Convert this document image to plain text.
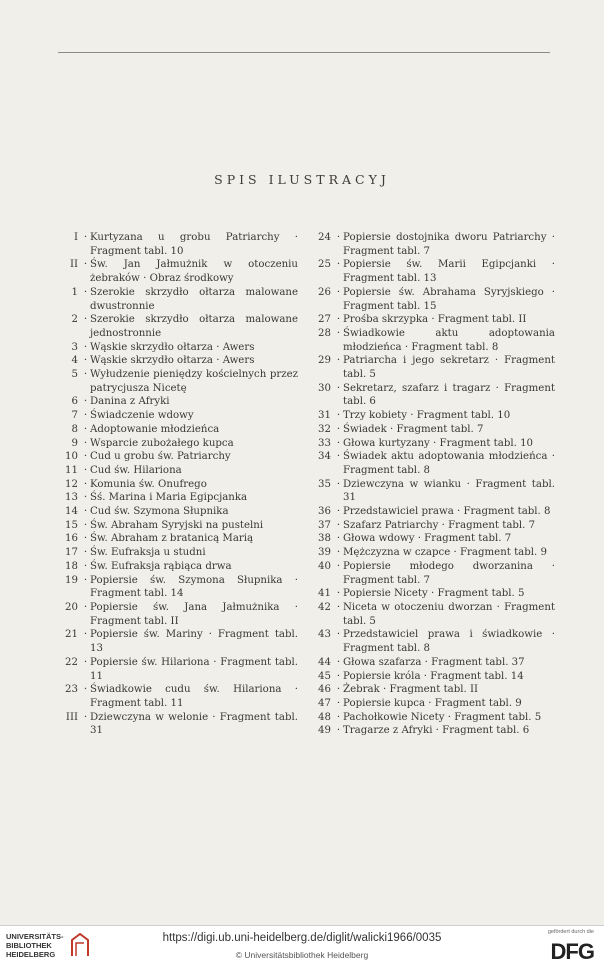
SPIS ILUSTRACYJ
I · Kurtyzana u grobu Patriarchy · Fragment tabl. 10
II · Św. Jan Jałmużnik w otoczeniu żebraków · Obraz środkowy
1 · Szerokie skrzydło ołtarza malowane dwustronnie
2 · Szerokie skrzydło ołtarza malowane jednostronnie
3 · Wąskie skrzydło ołtarza · Awers
4 · Wąskie skrzydło ołtarza · Awers
5 · Wyłudzenie pieniędzy kościelnych przez patrycjusza Nicetę
6 · Danina z Afryki
7 · Świadczenie wdowy
8 · Adoptowanie młodzieńca
9 · Wsparcie zubożałego kupca
10 · Cud u grobu św. Patriarchy
11 · Cud św. Hilariona
12 · Komunia św. Onufrego
13 · Śś. Marina i Maria Egipcjanka
14 · Cud św. Szymona Słupnika
15 · Św. Abraham Syryjski na pustelni
16 · Św. Abraham z bratanicą Marią
17 · Św. Eufraksja u studni
18 · Św. Eufraksja rąbiąca drwa
19 · Popiersie św. Szymona Słupnika · Fragment tabl. 14
20 · Popiersie św. Jana Jałmużnika · Fragment tabl. II
21 · Popiersie św. Mariny · Fragment tabl. 13
22 · Popiersie św. Hilariona · Fragment tabl. 11
23 · Świadkowie cudu św. Hilariona · Fragment tabl. 11
III · Dziewczyna w welonie · Fragment tabl. 31
24 · Popiersie dostojnika dworu Patriarchy · Fragment tabl. 7
25 · Popiersie św. Marii Egipcjanki · Fragment tabl. 13
26 · Popiersie św. Abrahama Syryjskiego · Fragment tabl. 15
27 · Prośba skrzypka · Fragment tabl. II
28 · Świadkowie aktu adoptowania młodzieńca · Fragment tabl. 8
29 · Patriarcha i jego sekretarz · Fragment tabl. 5
30 · Sekretarz, szafarz i tragarz · Fragment tabl. 6
31 · Trzy kobiety · Fragment tabl. 10
32 · Świadek · Fragment tabl. 7
33 · Głowa kurtyzany · Fragment tabl. 10
34 · Świadek aktu adoptowania młodzieńca · Fragment tabl. 8
35 · Dziewczyna w wianku · Fragment tabl. 31
36 · Przedstawiciel prawa · Fragment tabl. 8
37 · Szafarz Patriarchy · Fragment tabl. 7
38 · Głowa wdowy · Fragment tabl. 7
39 · Mężczyzna w czapce · Fragment tabl. 9
40 · Popiersie młodego dworzanina · Fragment tabl. 7
41 · Popiersie Nicety · Fragment tabl. 5
42 · Niceta w otoczeniu dworzan · Fragment tabl. 5
43 · Przedstawiciel prawa i świadkowie · Fragment tabl. 8
44 · Głowa szafarza · Fragment tabl. 37
45 · Popiersie króla · Fragment tabl. 14
46 · Żebrak · Fragment tabl. II
47 · Popiersie kupca · Fragment tabl. 9
48 · Pachołkowie Nicety · Fragment tabl. 5
49 · Tragarze z Afryki · Fragment tabl. 6
UNIVERSITÄTS-
BIBLIOTHEK
HEIDELBERG
https://digi.ub.uni-heidelberg.de/diglit/walicki1966/0035
© Universitätsbibliothek Heidelberg
gefördert durch die
DFG
